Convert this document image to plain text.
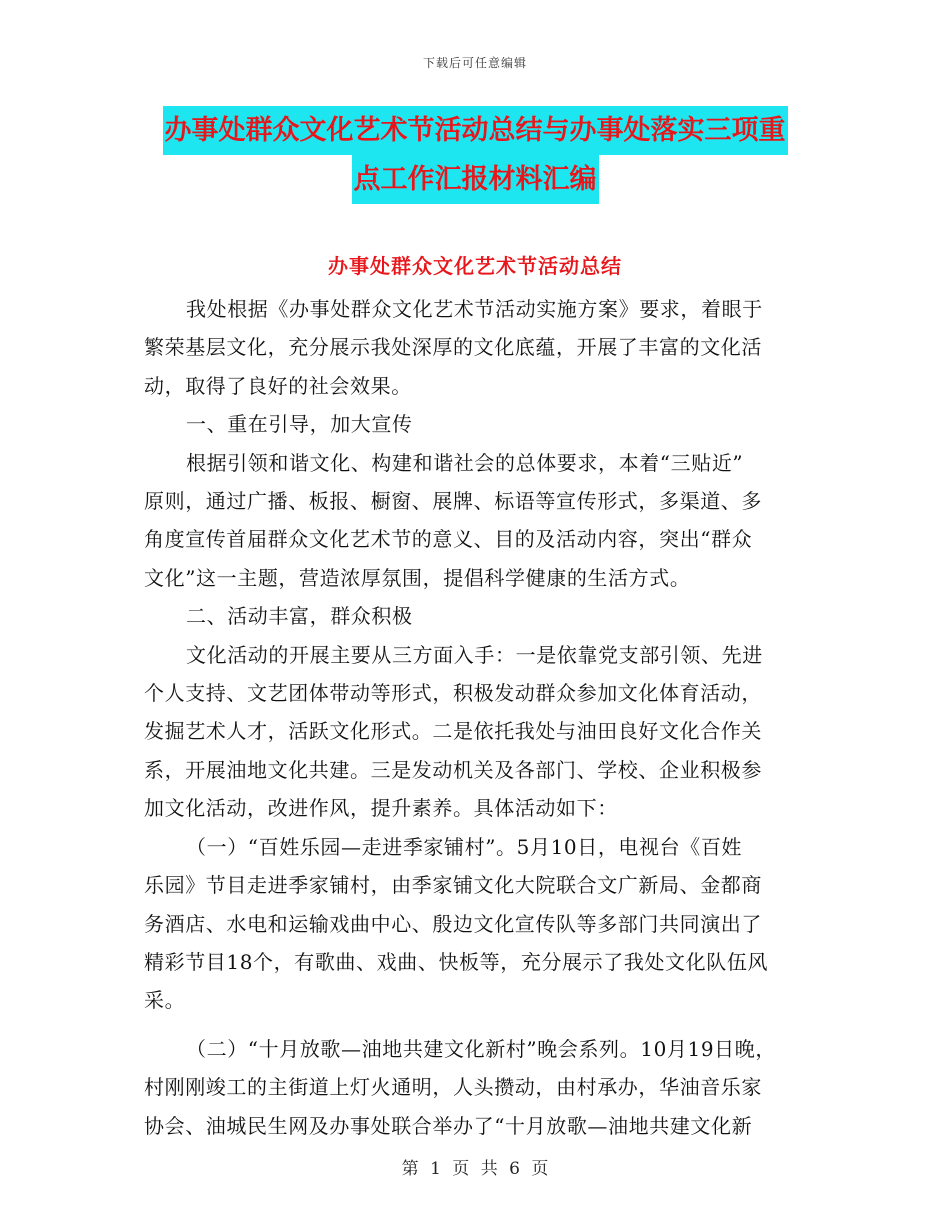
下载后可任意编辑
办事处群众文化艺术节活动总结与办事处落实三项重
点工作汇报材料汇编
办事处群众文化艺术节活动总结

我处根据《办事处群众文化艺术节活动实施方案》要求，着眼于

繁荣基层文化，充分展示我处深厚的文化底蕴，开展了丰富的文化活

动，取得了良好的社会效果。

一、重在引导，加大宣传

根据引领和谐文化、构建和谐社会的总体要求，本着“三贴近”

原则，通过广播、板报、橱窗、展牌、标语等宣传形式，多渠道、多

角度宣传首届群众文化艺术节的意义、目的及活动内容，突出“群众

文化”这一主题，营造浓厚氛围，提倡科学健康的生活方式。

二、活动丰富，群众积极

文化活动的开展主要从三方面入手：一是依靠党支部引领、先进

个人支持、文艺团体带动等形式，积极发动群众参加文化体育活动，

发掘艺术人才，活跃文化形式。二是依托我处与油田良好文化合作关

系，开展油地文化共建。三是发动机关及各部门、学校、企业积极参

加文化活动，改进作风，提升素养。具体活动如下：

（一）“百姓乐园—走进季家铺村”。5月10日，电视台《百姓

乐园》节目走进季家铺村，由季家铺文化大院联合文广新局、金都商

务酒店、水电和运输戏曲中心、殷边文化宣传队等多部门共同演出了

精彩节目18个，有歌曲、戏曲、快板等，充分展示了我处文化队伍风

采。

（二）“十月放歌—油地共建文化新村”晚会系列。10月19日晚，

村刚刚竣工的主街道上灯火通明，人头攒动，由村承办，华油音乐家

协会、油城民生网及办事处联合举办了“十月放歌—油地共建文化新

第 1 页 共 6 页
